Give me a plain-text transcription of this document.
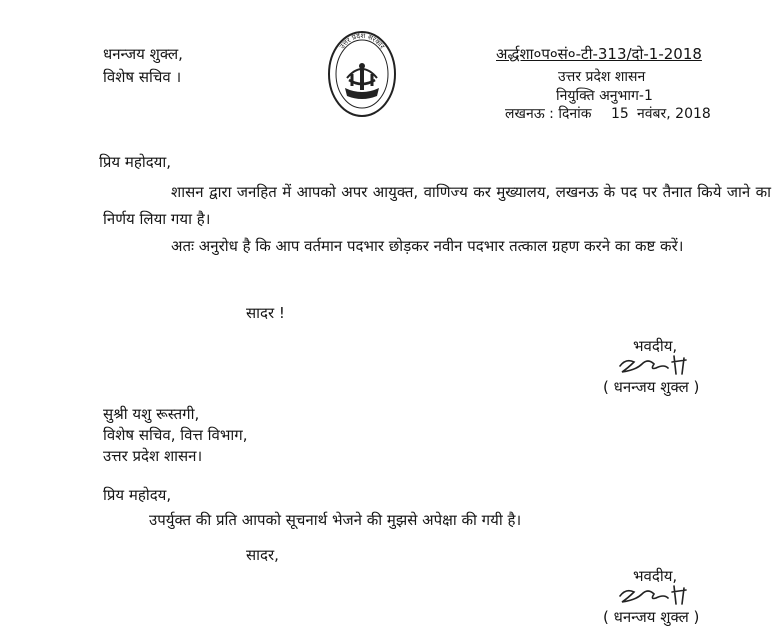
धनन्जय शुक्ल,
विशेष सचिव ।
उत्तर प्रदेश सरकार	अर्द्धशा०प०सं०-टी-313/दो-1-2018
उत्तर प्रदेश शासन
नियुक्ति अनुभाग-1
लखनऊ : दिनांक 15 नवंबर, 2018
प्रिय महोदया,
शासन द्वारा जनहित में आपको अपर आयुक्त, वाणिज्य कर मुख्यालय, लखनऊ के पद पर तैनात किये जाने का निर्णय लिया गया है।
अतः अनुरोध है कि आप वर्तमान पदभार छोड़कर नवीन पदभार तत्काल ग्रहण करने का कष्ट करें।
सादर !
भवदीय,
( धनन्जय शुक्ल )
सुश्री यशु रूस्तगी,
विशेष सचिव, वित्त विभाग,
उत्तर प्रदेश शासन।
प्रिय महोदय,
उपर्युक्त की प्रति आपको सूचनार्थ भेजने की मुझसे अपेक्षा की गयी है।
सादर,
भवदीय,
( धनन्जय शुक्ल )
